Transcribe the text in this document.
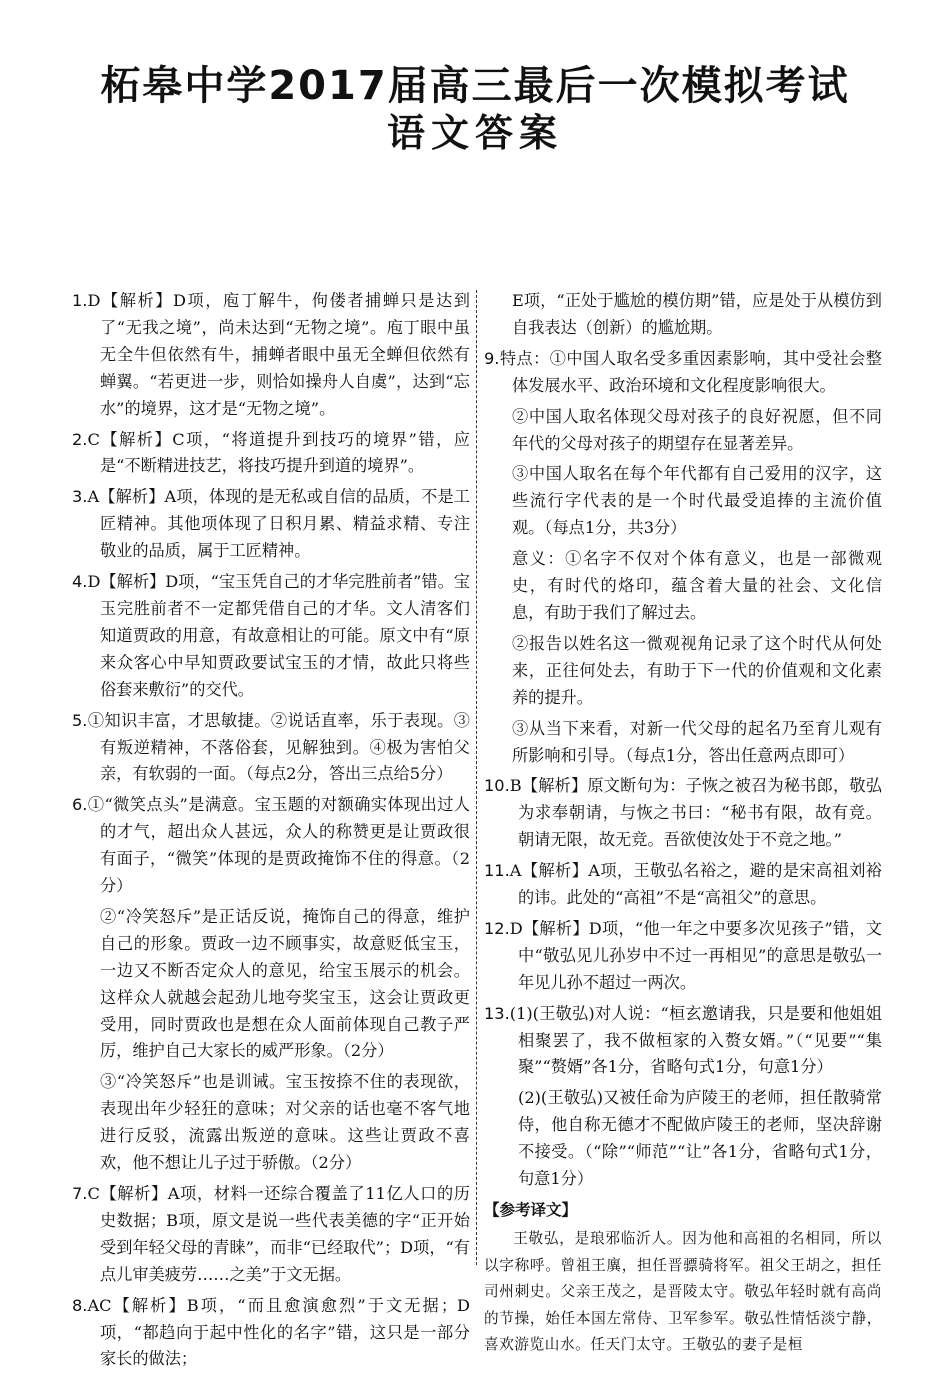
柘皋中学2017届高三最后一次模拟考试
语文答案
1.D【解析】D项，庖丁解牛，佝偻者捕蝉只是达到了“无我之境”，尚未达到“无物之境”。庖丁眼中虽无全牛但依然有牛，捕蝉者眼中虽无全蝉但依然有蝉翼。“若更进一步，则恰如操舟人自虞”，达到“忘水”的境界，这才是“无物之境”。
2.C【解析】C项，“将道提升到技巧的境界”错，应是“不断精进技艺，将技巧提升到道的境界”。
3.A【解析】A项，体现的是无私或自信的品质，不是工匠精神。其他项体现了日积月累、精益求精、专注敬业的品质，属于工匠精神。
4.D【解析】D项，“宝玉凭自己的才华完胜前者”错。宝玉完胜前者不一定都凭借自己的才华。文人清客们知道贾政的用意，有故意相让的可能。原文中有“原来众客心中早知贾政要试宝玉的才情，故此只将些俗套来敷衍”的交代。
5.①知识丰富，才思敏捷。②说话直率，乐于表现。③有叛逆精神，不落俗套，见解独到。④极为害怕父亲，有软弱的一面。（每点2分，答出三点给5分）
6.①“微笑点头”是满意。宝玉题的对额确实体现出过人的才气，超出众人甚远，众人的称赞更是让贾政很有面子，“微笑”体现的是贾政掩饰不住的得意。（2分）
②“冷笑怒斥”是正话反说，掩饰自己的得意，维护自己的形象。贾政一边不顾事实，故意贬低宝玉，一边又不断否定众人的意见，给宝玉展示的机会。这样众人就越会起劲儿地夸奖宝玉，这会让贾政更受用，同时贾政也是想在众人面前体现自己教子严厉，维护自己大家长的威严形象。（2分）
③“冷笑怒斥”也是训诫。宝玉按捺不住的表现欲，表现出年少轻狂的意味；对父亲的话也毫不客气地进行反驳，流露出叛逆的意味。这些让贾政不喜欢，他不想让儿子过于骄傲。（2分）
7.C【解析】A项，材料一还综合覆盖了11亿人口的历史数据；B项，原文是说一些代表美德的字“正开始受到年轻父母的青睐”，而非“已经取代”；D项，“有点儿审美疲劳……之美”于文无据。
8.AC【解析】B项，“而且愈演愈烈”于文无据；D项，“都趋向于起中性化的名字”错，这只是一部分家长的做法；
E项，“正处于尴尬的模仿期”错，应是处于从模仿到自我表达（创新）的尴尬期。
9.特点：①中国人取名受多重因素影响，其中受社会整体发展水平、政治环境和文化程度影响很大。
②中国人取名体现父母对孩子的良好祝愿，但不同年代的父母对孩子的期望存在显著差异。
③中国人取名在每个年代都有自己爱用的汉字，这些流行字代表的是一个时代最受追捧的主流价值观。（每点1分，共3分）
意义：①名字不仅对个体有意义，也是一部微观史，有时代的烙印，蕴含着大量的社会、文化信息，有助于我们了解过去。
②报告以姓名这一微观视角记录了这个时代从何处来，正往何处去，有助于下一代的价值观和文化素养的提升。
③从当下来看，对新一代父母的起名乃至育儿观有所影响和引导。（每点1分，答出任意两点即可）
10.B【解析】原文断句为：子恢之被召为秘书郎，敬弘为求奉朝请，与恢之书曰：“秘书有限，故有竞。朝请无限，故无竞。吾欲使汝处于不竞之地。”
11.A【解析】A项，王敬弘名裕之，避的是宋高祖刘裕的讳。此处的“高祖”不是“高祖父”的意思。
12.D【解析】D项，“他一年之中要多次见孩子”错，文中“敬弘见儿孙岁中不过一再相见”的意思是敬弘一年见儿孙不超过一两次。
13.(1)(王敬弘)对人说：“桓玄邀请我，只是要和他姐姐相聚罢了，我不做桓家的入赘女婿。”（“见要”“集聚”“赘婿”各1分，省略句式1分，句意1分）
(2)(王敬弘)又被任命为庐陵王的老师，担任散骑常侍，他自称无德才不配做庐陵王的老师，坚决辞谢不接受。（“除”“师范”“让”各1分，省略句式1分，句意1分）
【参考译文】

王敬弘，是琅邪临沂人。因为他和高祖的名相同，所以以字称呼。曾祖王廙，担任晋骠骑将军。祖父王胡之，担任司州刺史。父亲王茂之，是晋陵太守。敬弘年轻时就有高尚的节操，始任本国左常侍、卫军参军。敬弘性情恬淡宁静，喜欢游览山水。任天门太守。王敬弘的妻子是桓
